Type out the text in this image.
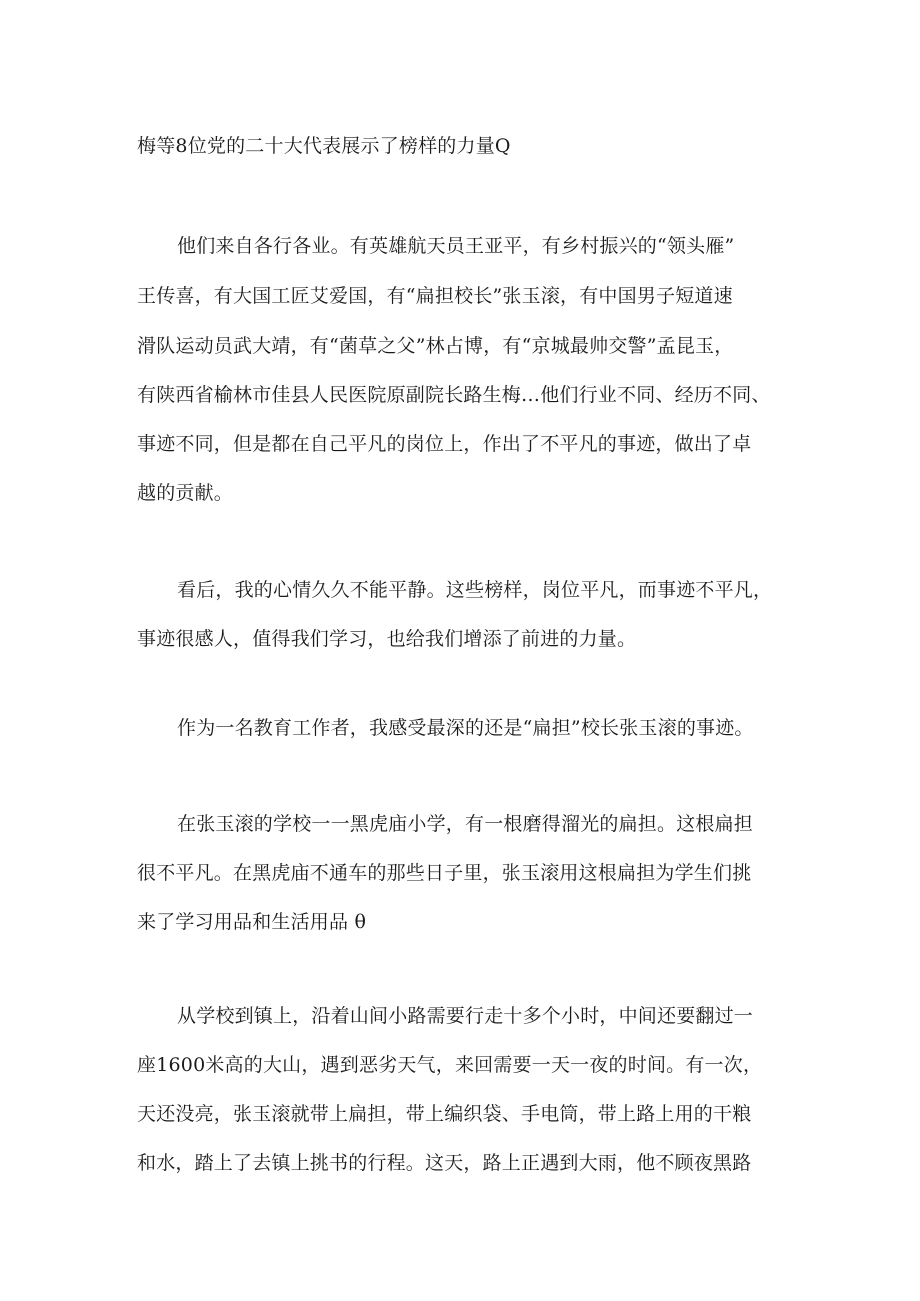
梅等8位党的二十大代表展示了榜样的力量Q
他们来自各行各业。有英雄航天员王亚平，有乡村振兴的“领头雁”
王传喜，有大国工匠艾爱国，有“扁担校长”张玉滚，有中国男子短道速
滑队运动员武大靖，有“菌草之父”林占博，有“京城最帅交警”孟昆玉，
有陕西省榆林市佳县人民医院原副院长路生梅…他们行业不同、经历不同、
事迹不同，但是都在自己平凡的岗位上，作出了不平凡的事迹，做出了卓
越的贡献。
看后，我的心情久久不能平静。这些榜样，岗位平凡，而事迹不平凡，
事迹很感人，值得我们学习，也给我们增添了前进的力量。
作为一名教育工作者，我感受最深的还是“扁担”校长张玉滚的事迹。
在张玉滚的学校一一黑虎庙小学，有一根磨得溜光的扁担。这根扁担
很不平凡。在黑虎庙不通车的那些日子里，张玉滚用这根扁担为学生们挑
来了学习用品和生活用品 θ
从学校到镇上，沿着山间小路需要行走十多个小时，中间还要翻过一
座1600米高的大山，遇到恶劣天气，来回需要一天一夜的时间。有一次，
天还没亮，张玉滚就带上扁担，带上编织袋、手电筒，带上路上用的干粮
和水，踏上了去镇上挑书的行程。这天，路上正遇到大雨，他不顾夜黑路
